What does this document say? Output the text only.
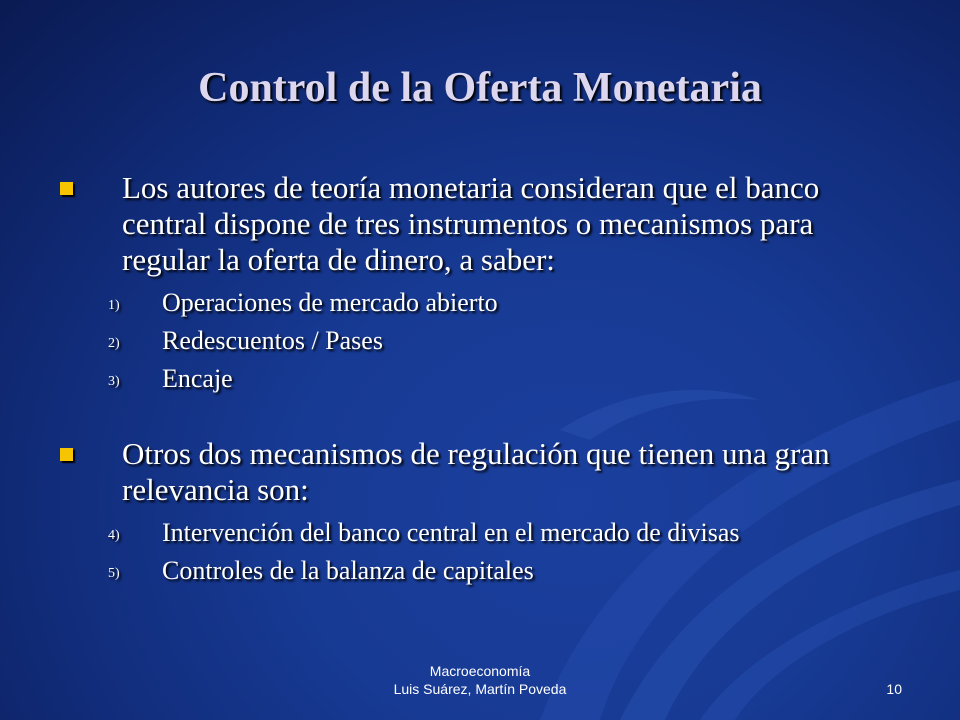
Control de la Oferta Monetaria
Los autores de teoría monetaria consideran que el banco central dispone de tres instrumentos o mecanismos para regular la oferta de dinero, a saber:
1) Operaciones de mercado abierto
2) Redescuentos / Pases
3) Encaje
Otros dos mecanismos de regulación que tienen una gran relevancia son:
4) Intervención del banco central en el mercado de divisas
5) Controles de la balanza de capitales
Macroeconomía
Luis Suárez, Martín Poveda	10
